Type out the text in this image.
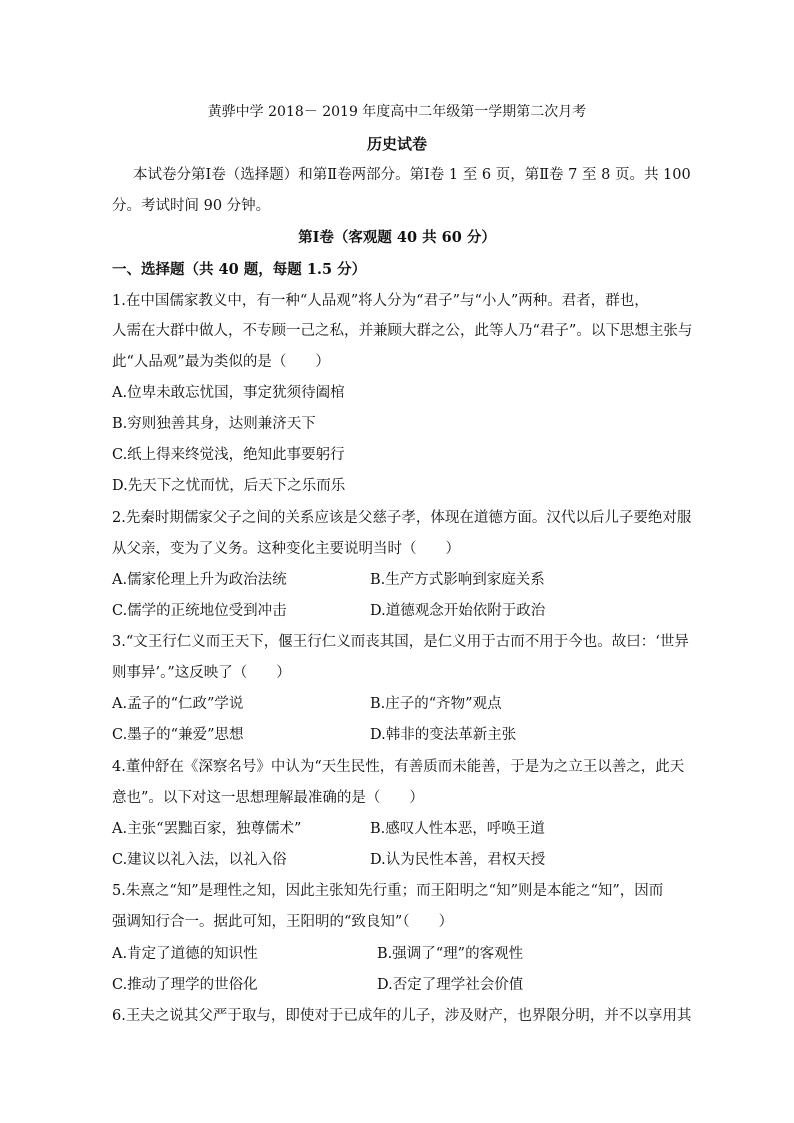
黄骅中学 2018－ 2019 年度高中二年级第一学期第二次月考
历史试卷
本试卷分第Ⅰ卷（选择题）和第Ⅱ卷两部分。第Ⅰ卷 1 至 6 页，第Ⅱ卷 7 至 8 页。共 100
分。考试时间 90 分钟。
第Ⅰ卷（客观题 40 共 60 分）
一、选择题（共 40 题，每题 1.5 分）
1.在中国儒家教义中，有一种“人品观”将人分为“君子”与“小人”两种。君者，群也，
人需在大群中做人，不专顾一己之私，并兼顾大群之公，此等人乃“君子”。以下思想主张与
此“人品观”最为类似的是（　　）
A.位卑未敢忘忧国，事定犹须待阖棺
B.穷则独善其身，达则兼济天下
C.纸上得来终觉浅，绝知此事要躬行
D.先天下之忧而忧，后天下之乐而乐
2.先秦时期儒家父子之间的关系应该是父慈子孝，体现在道德方面。汉代以后儿子要绝对服
从父亲，变为了义务。这种变化主要说明当时（　　）
A.儒家伦理上升为政治法统	B.生产方式影响到家庭关系
C.儒学的正统地位受到冲击	D.道德观念开始依附于政治
3.“文王行仁义而王天下，偃王行仁义而丧其国，是仁义用于古而不用于今也。故曰：‘世异
则事异’。”这反映了（　　）
A.孟子的“仁政”学说	B.庄子的“齐物”观点
C.墨子的“兼爱”思想	D.韩非的变法革新主张
4.董仲舒在《深察名号》中认为“天生民性，有善质而未能善，于是为之立王以善之，此天
意也”。以下对这一思想理解最准确的是（　　）
A.主张“罢黜百家，独尊儒术”	B.感叹人性本恶，呼唤王道
C.建议以礼入法，以礼入俗	D.认为民性本善，君权天授
5.朱熹之“知”是理性之知，因此主张知先行重；而王阳明之“知”则是本能之“知”，因而
强调知行合一。据此可知，王阳明的“致良知”（　　）
A.肯定了道德的知识性	B.强调了“理”的客观性
C.推动了理学的世俗化	D.否定了理学社会价值
6.王夫之说其父严于取与，即使对于已成年的儿子，涉及财产，也界限分明，并不以享用其
